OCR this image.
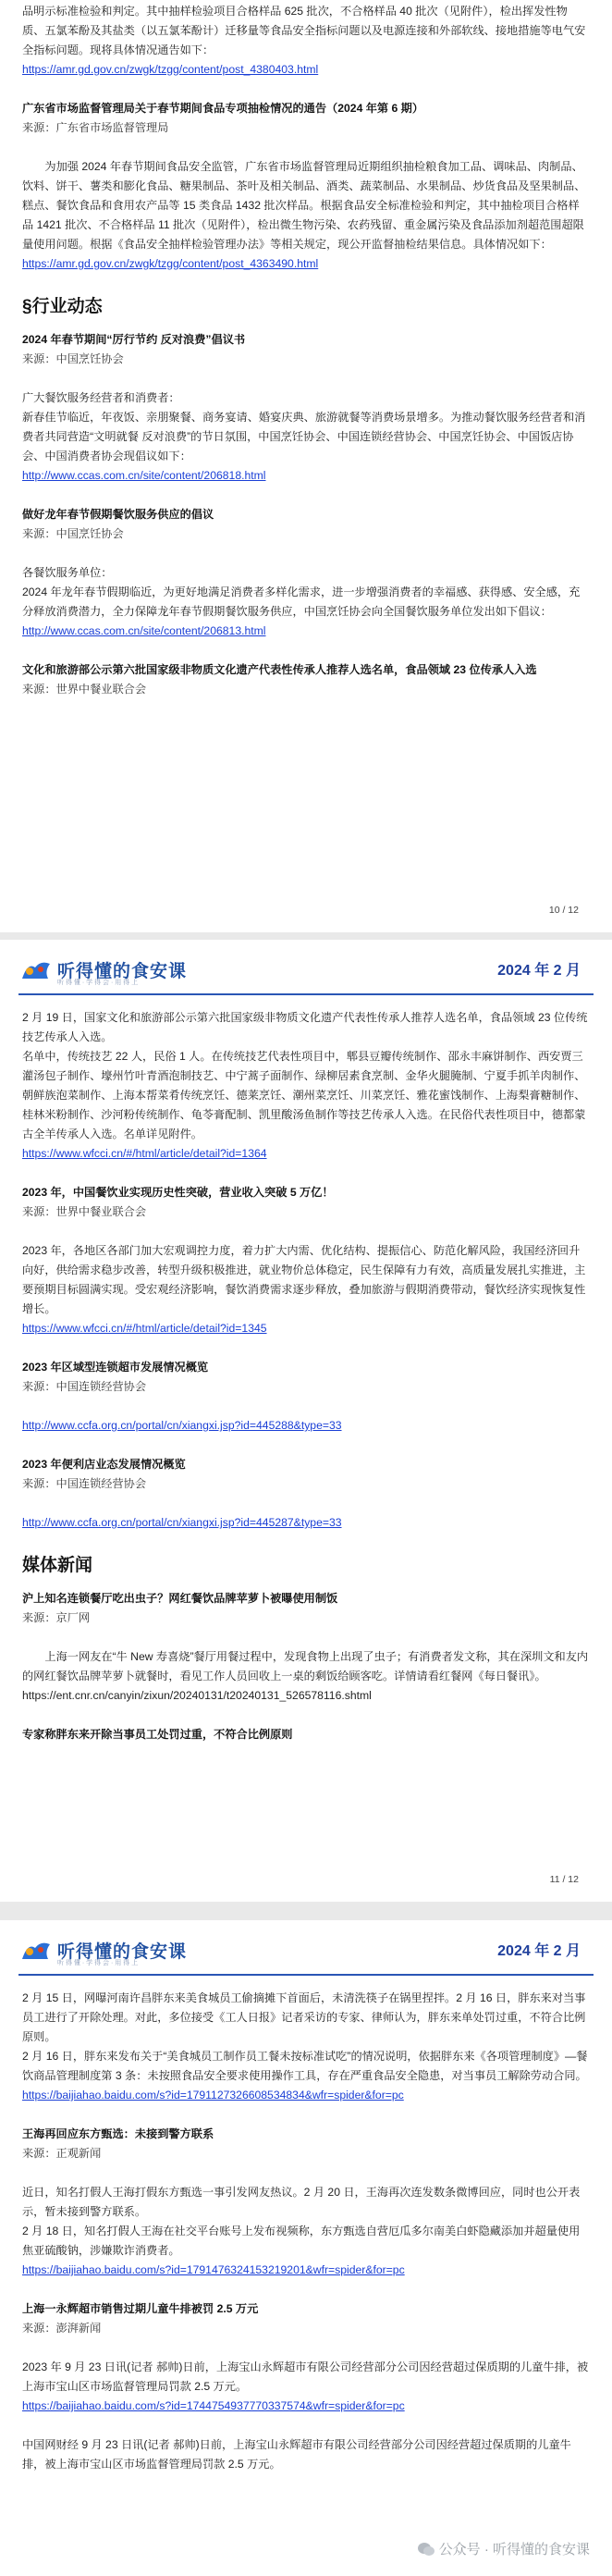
品明示标准检验和判定。其中抽样检验项目合格样品 625 批次，不合格样品 40 批次（见附件），检出挥发性物质、五氯苯酚及其盐类（以五氯苯酚计）迁移量等食品安全指标问题以及电源连接和外部软线、接地措施等电气安全指标问题。现将具体情况通告如下：

https://amr.gd.gov.cn/zwgk/tzgg/content/post_4380403.html

广东省市场监督管理局关于春节期间食品专项抽检情况的通告（2024 年第 6 期）

来源：广东省市场监督管理局

为加强 2024 年春节期间食品安全监管，广东省市场监督管理局近期组织抽检粮食加工品、调味品、肉制品、饮料、饼干、薯类和膨化食品、糖果制品、茶叶及相关制品、酒类、蔬菜制品、水果制品、炒货食品及坚果制品、糕点、餐饮食品和食用农产品等 15 类食品 1432 批次样品。根据食品安全标准检验和判定，其中抽检项目合格样品 1421 批次、不合格样品 11 批次（见附件），检出微生物污染、农药残留、重金属污染及食品添加剂超范围超限量使用问题。根据《食品安全抽样检验管理办法》等相关规定，现公开监督抽检结果信息。具体情况如下：

https://amr.gd.gov.cn/zwgk/tzgg/content/post_4363490.html

§行业动态

2024 年春节期间“厉行节约 反对浪费”倡议书

来源：中国烹饪协会

广大餐饮服务经营者和消费者：

新春佳节临近，年夜饭、亲朋聚餐、商务宴请、婚宴庆典、旅游就餐等消费场景增多。为推动餐饮服务经营者和消费者共同营造“文明就餐 反对浪费”的节日氛围，中国烹饪协会、中国连锁经营协会、中国烹饪协会、中国饭店协会、中国消费者协会现倡议如下：

http://www.ccas.com.cn/site/content/206818.html

做好龙年春节假期餐饮服务供应的倡议

来源：中国烹饪协会

各餐饮服务单位：

2024 年龙年春节假期临近，为更好地满足消费者多样化需求，进一步增强消费者的幸福感、获得感、安全感，充分释放消费潜力，全力保障龙年春节假期餐饮服务供应，中国烹饪协会向全国餐饮服务单位发出如下倡议：

http://www.ccas.com.cn/site/content/206813.html

文化和旅游部公示第六批国家级非物质文化遗产代表性传承人推荐人选名单，食品领域 23 位传承人入选

来源：世界中餐业联合会

10 / 12
听得懂的食安课
听 得 懂 · 学 得 会 · 用 得 上
2024 年 2 月

2 月 19 日，国家文化和旅游部公示第六批国家级非物质文化遗产代表性传承人推荐人选名单，食品领域 23 位传统技艺传承人入选。

名单中，传统技艺 22 人，民俗 1 人。在传统技艺代表性项目中，郫县豆瓣传统制作、邵永丰麻饼制作、西安贾三灌汤包子制作、壕州竹叶青酒泡制技艺、中宁蒿子面制作、绿柳居素食烹制、金华火腿腌制、宁夏手抓羊肉制作、朝鲜族泡菜制作、上海本帮菜肴传统烹饪、德莱烹饪、潮州菜烹饪、川菜烹饪、雅花蜜饯制作、上海梨膏糖制作、桂林米粉制作、沙河粉传统制作、龟苓膏配制、凯里酸汤鱼制作等技艺传承人入选。在民俗代表性项目中，德都蒙古全羊传承人入选。名单详见附件。

https://www.wfcci.cn/#/html/article/detail?id=1364

2023 年，中国餐饮业实现历史性突破，营业收入突破 5 万亿！

来源：世界中餐业联合会

2023 年，各地区各部门加大宏观调控力度，着力扩大内需、优化结构、提振信心、防范化解风险，我国经济回升向好，供给需求稳步改善，转型升级积极推进，就业物价总体稳定，民生保障有力有效，高质量发展扎实推进，主要预期目标圆满实现。受宏观经济影响，餐饮消费需求逐步释放，叠加旅游与假期消费带动，餐饮经济实现恢复性增长。

https://www.wfcci.cn/#/html/article/detail?id=1345

2023 年区域型连锁超市发展情况概览

来源：中国连锁经营协会

http://www.ccfa.org.cn/portal/cn/xiangxi.jsp?id=445288&type=33

2023 年便利店业态发展情况概览

来源：中国连锁经营协会

http://www.ccfa.org.cn/portal/cn/xiangxi.jsp?id=445287&type=33

媒体新闻

沪上知名连锁餐厅吃出虫子？网红餐饮品牌苹萝卜被曝使用制饭

来源：京厂网

上海一网友在“牛 New 寿喜烧”餐厅用餐过程中，发现食物上出现了虫子；有消费者发文称，其在深圳文和友内的网红餐饮品牌苹萝卜就餐时，看见工作人员回收上一桌的剩饭给顾客吃。详情请看红餐网《每日餐讯》。

https://ent.cnr.cn/canyin/zixun/20240131/t20240131_526578116.shtml

专家称胖东来开除当事员工处罚过重，不符合比例原则

11 / 12
听得懂的食安课
听 得 懂 · 学 得 会 · 用 得 上
2024 年 2 月

2 月 15 日，网曝河南许昌胖东来美食城员工偷摘摊下首面后，未清洗筷子在锅里捏拌。2 月 16 日，胖东来对当事员工进行了开除处理。对此，多位接受《工人日报》记者采访的专家、律师认为，胖东来单处罚过重，不符合比例原则。

2 月 16 日，胖东来发布关于“美食城员工制作员工餐未按标准试吃”的情况说明，依据胖东来《各项管理制度》—餐饮商品管理制度第 3 条：未按照食品安全要求使用操作工具，存在严重食品安全隐患，对当事员工解除劳动合同。

https://baijiahao.baidu.com/s?id=1791127326608534834&wfr=spider&for=pc

王海再回应东方甄选：未接到警方联系

来源：正观新闻

近日，知名打假人王海打假东方甄选一事引发网友热议。2 月 20 日，王海再次连发数条微博回应，同时也公开表示，暂未接到警方联系。

2 月 18 日，知名打假人王海在社交平台账号上发布视频称，东方甄选自营厄瓜多尔南美白虾隐藏添加并超量使用焦亚硫酸钠，涉嫌欺诈消费者。

https://baijiahao.baidu.com/s?id=1791476324153219201&wfr=spider&for=pc

上海一永辉超市销售过期儿童牛排被罚 2.5 万元

来源：澎湃新闻

2023 年 9 月 23 日讯(记者 郝帅)日前，上海宝山永辉超市有限公司经营部分公司因经营超过保质期的儿童牛排，被上海市宝山区市场监督管理局罚款 2.5 万元。

https://baijiahao.baidu.com/s?id=1744754937770337574&wfr=spider&for=pc

中国网财经 9 月 23 日讯(记者 郝帅)日前，上海宝山永辉超市有限公司经营部分公司因经营超过保质期的儿童牛排，被上海市宝山区市场监督管理局罚款 2.5 万元。

公众号 · 听得懂的食安课
